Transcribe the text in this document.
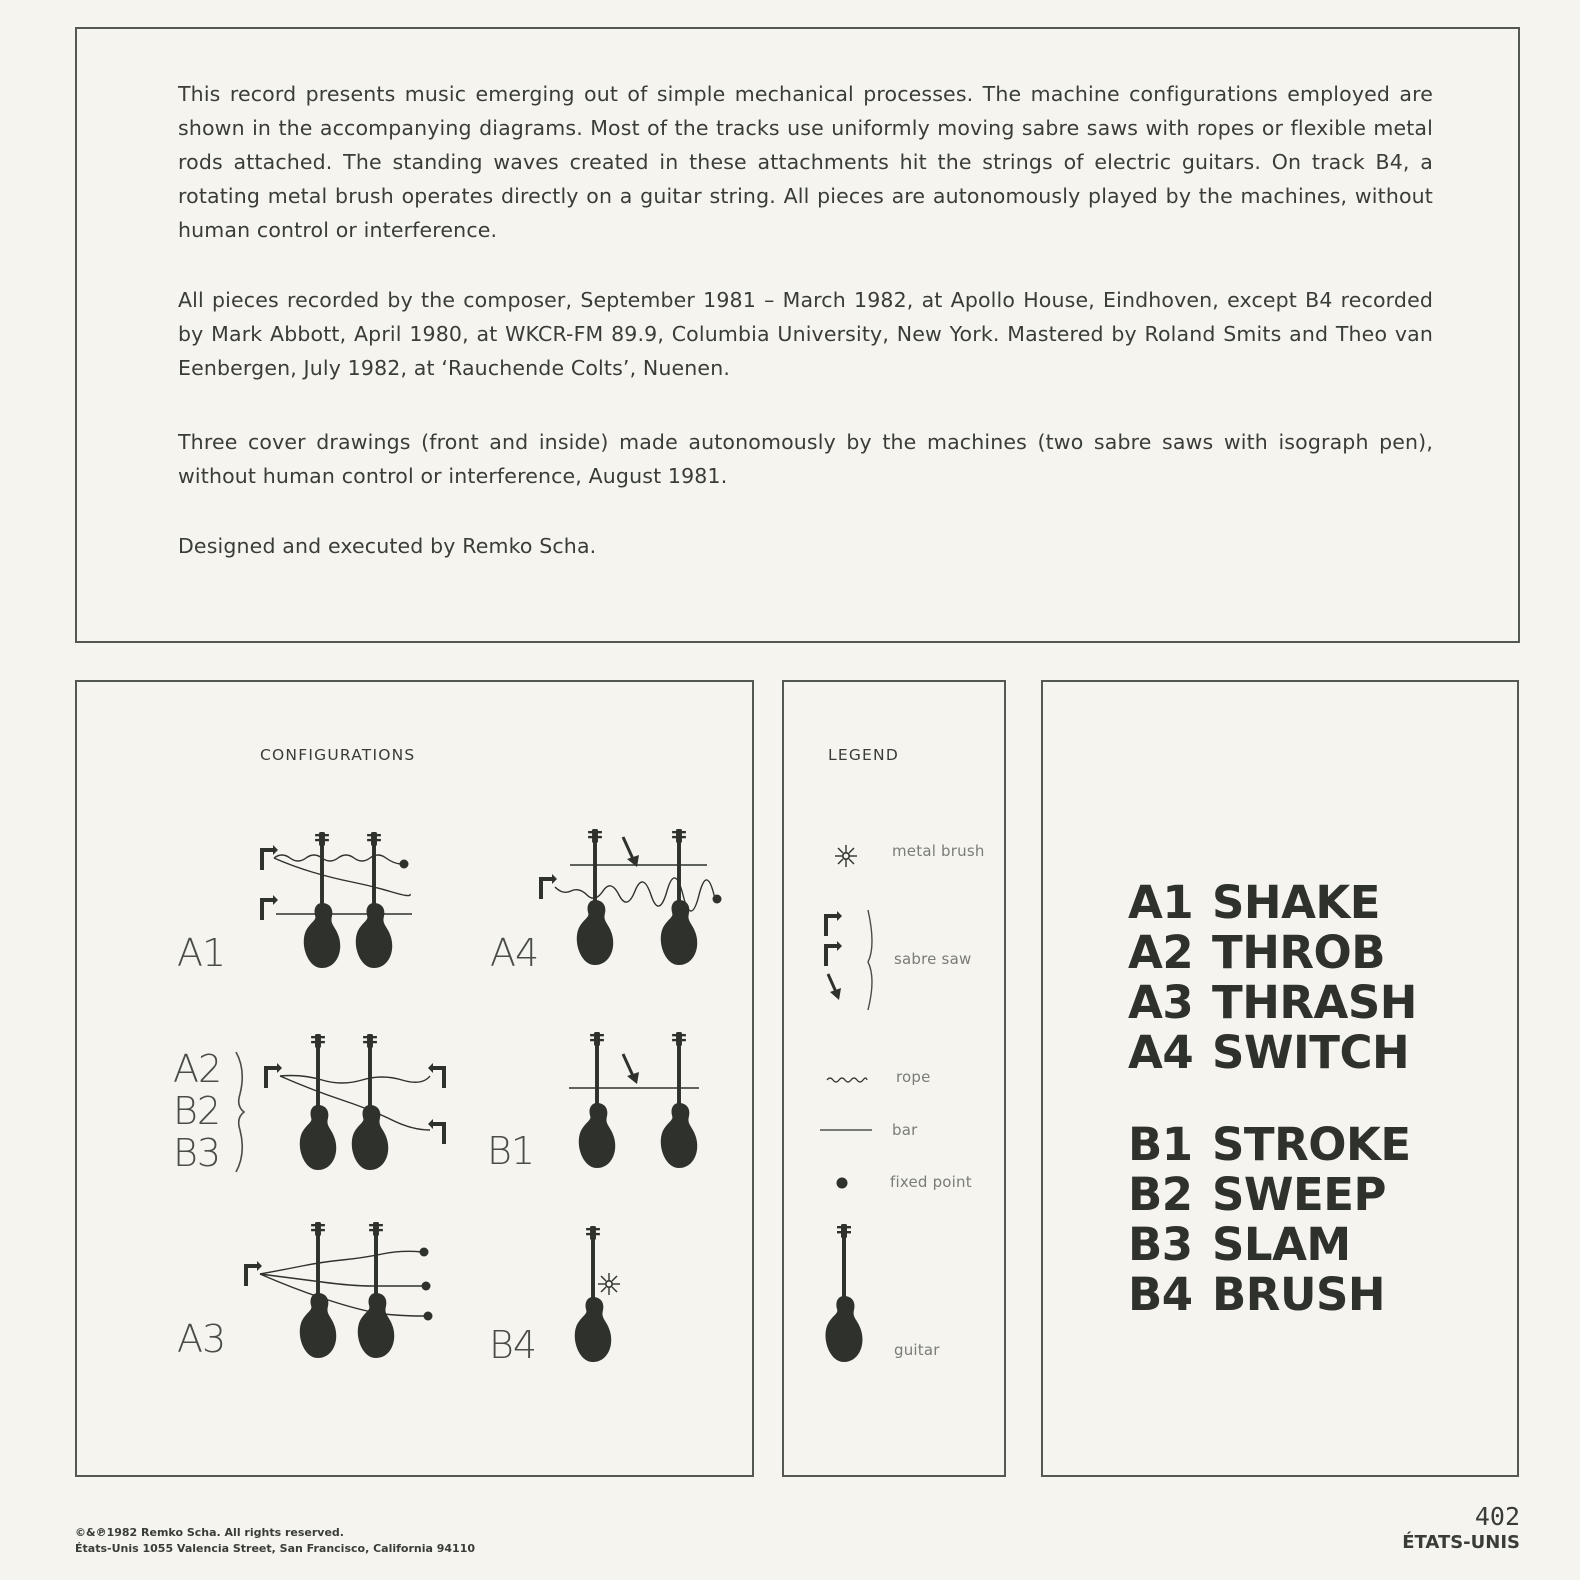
This record presents music emerging out of simple mechanical processes. The machine configurations employed are shown in the accompanying diagrams. Most of the tracks use uniformly moving sabre saws with ropes or flexible metal rods attached. The standing waves created in these attachments hit the strings of electric guitars. On track B4, a rotating metal brush operates directly on a guitar string. All pieces are autonomously played by the machines, without human control or interference.

All pieces recorded by the composer, September 1981 – March 1982, at Apollo House, Eindhoven, except B4 recorded by Mark Abbott, April 1980, at WKCR-FM 89.9, Columbia University, New York. Mastered by Roland Smits and Theo van Eenbergen, July 1982, at ‘Rauchende Colts’, Nuenen.

Three cover drawings (front and inside) made autonomously by the machines (two sabre saws with isograph pen), without human control or interference, August 1981.

Designed and executed by Remko Scha.

CONFIGURATIONS
A1	A4
A2
B2
B3	B1
A3	B4
LEGEND
metal brush
sabre saw
rope
bar
fixed point
guitar
A1 SHAKE
A2 THROB
A3 THRASH
A4 SWITCH
B1 STROKE
B2 SWEEP
B3 SLAM
B4 BRUSH
©&℗1982 Remko Scha. All rights reserved.
États-Unis 1055 Valencia Street, San Francisco, California 94110
402
ÉTATS-UNIS
